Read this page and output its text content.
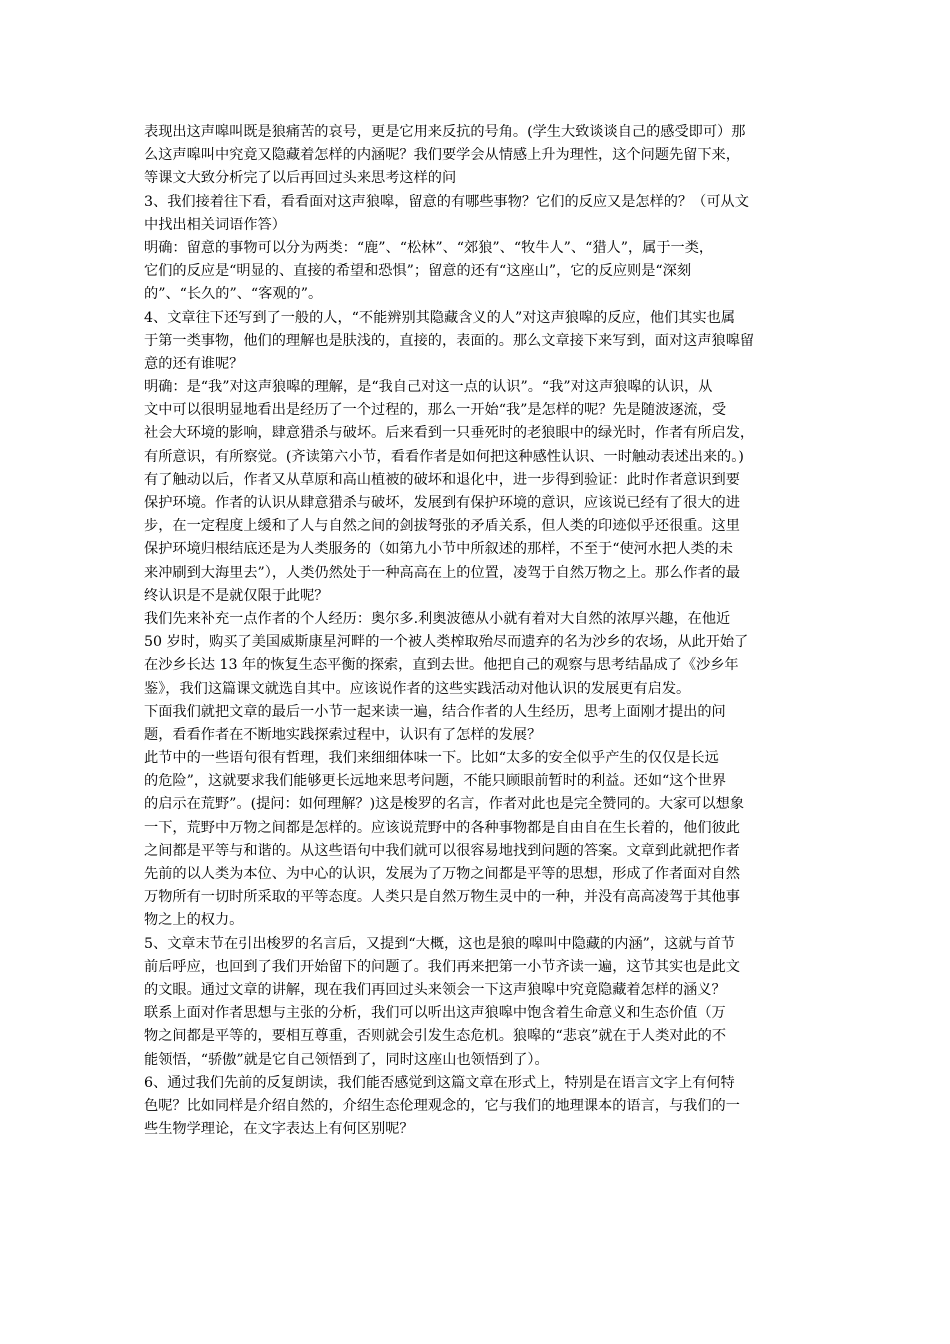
表现出这声嗥叫既是狼痛苦的哀号，更是它用来反抗的号角。(学生大致谈谈自己的感受即可）那
么这声嗥叫中究竟又隐藏着怎样的内涵呢？我们要学会从情感上升为理性，这个问题先留下来，
等课文大致分析完了以后再回过头来思考这样的问
3、我们接着往下看，看看面对这声狼嗥，留意的有哪些事物？它们的反应又是怎样的？（可从文
中找出相关词语作答）
明确：留意的事物可以分为两类：“鹿”、“松林”、“郊狼”、“牧牛人”、“猎人”，属于一类，
它们的反应是“明显的、直接的希望和恐惧”；留意的还有“这座山”，它的反应则是“深刻
的”、“长久的”、“客观的”。
4、文章往下还写到了一般的人，“不能辨别其隐藏含义的人”对这声狼嗥的反应，他们其实也属
于第一类事物，他们的理解也是肤浅的，直接的，表面的。那么文章接下来写到，面对这声狼嗥留
意的还有谁呢？
明确：是“我”对这声狼嗥的理解，是“我自己对这一点的认识”。“我”对这声狼嗥的认识，从
文中可以很明显地看出是经历了一个过程的，那么一开始“我”是怎样的呢？先是随波逐流，受
社会大环境的影响，肆意猎杀与破坏。后来看到一只垂死时的老狼眼中的绿光时，作者有所启发，
有所意识，有所察觉。(齐读第六小节，看看作者是如何把这种感性认识、一时触动表述出来的。)
有了触动以后，作者又从草原和高山植被的破坏和退化中，进一步得到验证：此时作者意识到要
保护环境。作者的认识从肆意猎杀与破坏，发展到有保护环境的意识，应该说已经有了很大的进
步，在一定程度上缓和了人与自然之间的剑拔弩张的矛盾关系，但人类的印迹似乎还很重。这里
保护环境归根结底还是为人类服务的（如第九小节中所叙述的那样，不至于“使河水把人类的未
来冲刷到大海里去”），人类仍然处于一种高高在上的位置，凌驾于自然万物之上。那么作者的最
终认识是不是就仅限于此呢？
我们先来补充一点作者的个人经历：奥尔多.利奥波德从小就有着对大自然的浓厚兴趣，在他近
50 岁时，购买了美国威斯康星河畔的一个被人类榨取殆尽而遗弃的名为沙乡的农场，从此开始了
在沙乡长达 13 年的恢复生态平衡的探索，直到去世。他把自己的观察与思考结晶成了《沙乡年
鉴》，我们这篇课文就选自其中。应该说作者的这些实践活动对他认识的发展更有启发。
下面我们就把文章的最后一小节一起来读一遍，结合作者的人生经历，思考上面刚才提出的问
题，看看作者在不断地实践探索过程中，认识有了怎样的发展？
此节中的一些语句很有哲理，我们来细细体味一下。比如“太多的安全似乎产生的仅仅是长远
的危险”，这就要求我们能够更长远地来思考问题，不能只顾眼前暂时的利益。还如“这个世界
的启示在荒野”。(提问：如何理解？)这是梭罗的名言，作者对此也是完全赞同的。大家可以想象
一下，荒野中万物之间都是怎样的。应该说荒野中的各种事物都是自由自在生长着的，他们彼此
之间都是平等与和谐的。从这些语句中我们就可以很容易地找到问题的答案。文章到此就把作者
先前的以人类为本位、为中心的认识，发展为了万物之间都是平等的思想，形成了作者面对自然
万物所有一切时所采取的平等态度。人类只是自然万物生灵中的一种，并没有高高凌驾于其他事
物之上的权力。
5、文章末节在引出梭罗的名言后，又提到“大概，这也是狼的嗥叫中隐藏的内涵”，这就与首节
前后呼应，也回到了我们开始留下的问题了。我们再来把第一小节齐读一遍，这节其实也是此文
的文眼。通过文章的讲解，现在我们再回过头来领会一下这声狼嗥中究竟隐藏着怎样的涵义？
联系上面对作者思想与主张的分析，我们可以听出这声狼嗥中饱含着生命意义和生态价值（万
物之间都是平等的，要相互尊重，否则就会引发生态危机。狼嗥的“悲哀”就在于人类对此的不
能领悟，“骄傲”就是它自己领悟到了，同时这座山也领悟到了）。
6、通过我们先前的反复朗读，我们能否感觉到这篇文章在形式上，特别是在语言文字上有何特
色呢？比如同样是介绍自然的，介绍生态伦理观念的，它与我们的地理课本的语言，与我们的一
些生物学理论，在文字表达上有何区别呢？
